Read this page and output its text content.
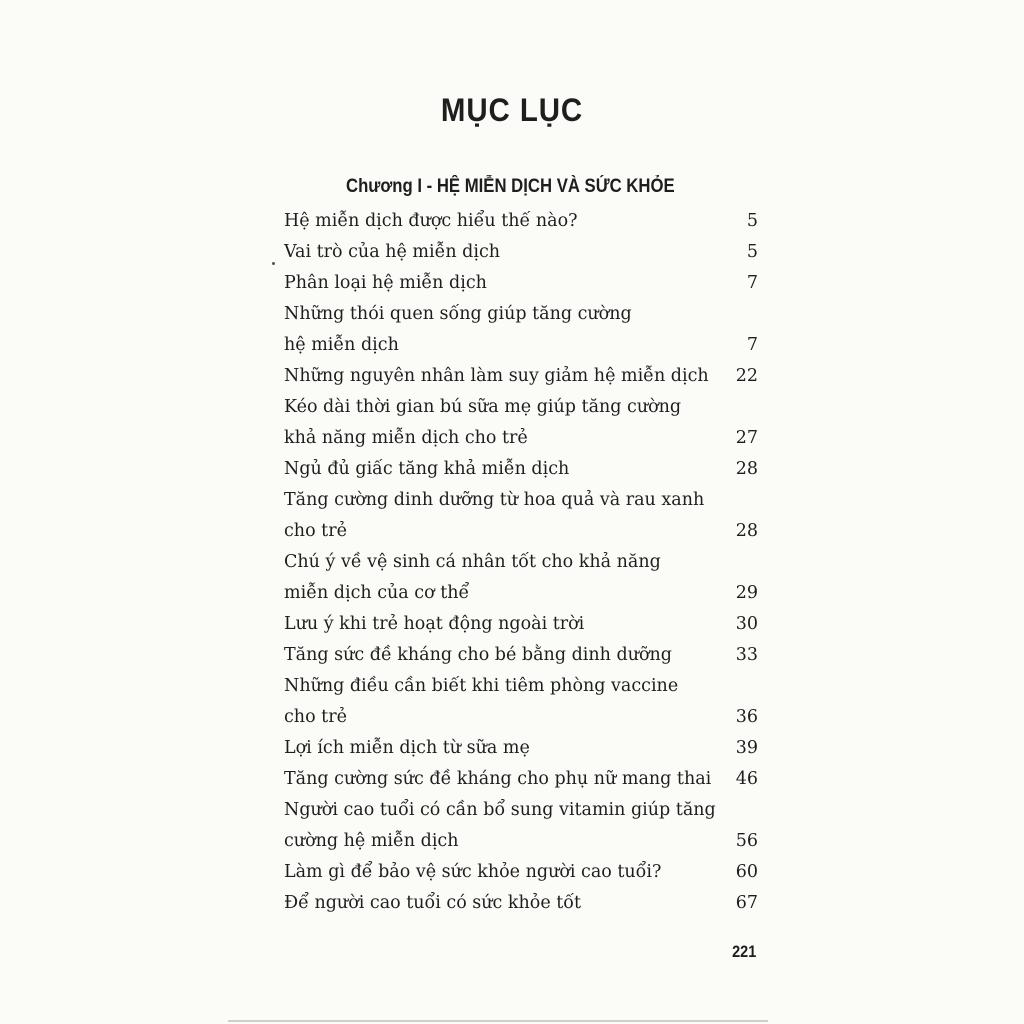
MỤC LỤC
Chương I - HỆ MIỄN DỊCH VÀ SỨC KHỎE
Hệ miễn dịch được hiểu thế nào?	5
Vai trò của hệ miễn dịch	5
Phân loại hệ miễn dịch	7
Những thói quen sống giúp tăng cường
hệ miễn dịch	7
Những nguyên nhân làm suy giảm hệ miễn dịch 22
Kéo dài thời gian bú sữa mẹ giúp tăng cường
khả năng miễn dịch cho trẻ	27
Ngủ đủ giấc tăng khả miễn dịch	28
Tăng cường dinh dưỡng từ hoa quả và rau xanh
cho trẻ	28
Chú ý về vệ sinh cá nhân tốt cho khả năng
miễn dịch của cơ thể	29
Lưu ý khi trẻ hoạt động ngoài trời	30
Tăng sức đề kháng cho bé bằng dinh dưỡng	33
Những điều cần biết khi tiêm phòng vaccine
cho trẻ	36
Lợi ích miễn dịch từ sữa mẹ	39
Tăng cường sức đề kháng cho phụ nữ mang thai 46
Người cao tuổi có cần bổ sung vitamin giúp tăng
cường hệ miễn dịch	56
Làm gì để bảo vệ sức khỏe người cao tuổi?	60
Để người cao tuổi có sức khỏe tốt	67
221
